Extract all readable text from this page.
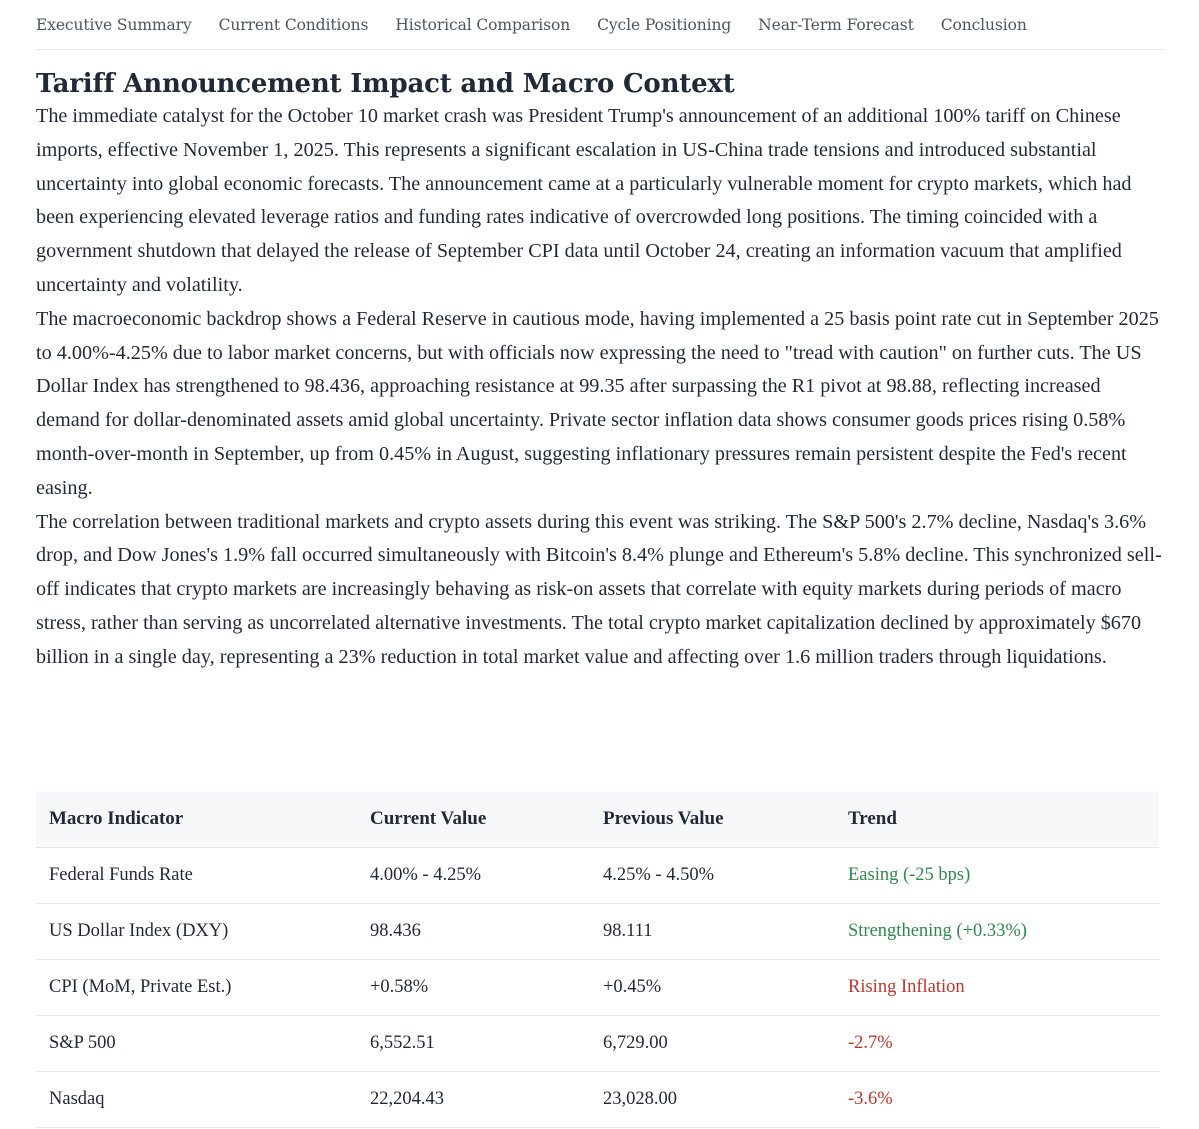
Executive Summary Current Conditions Historical Comparison Cycle Positioning Near-Term Forecast Conclusion
Tariff Announcement Impact and Macro Context

The immediate catalyst for the October 10 market crash was President Trump's announcement of an additional 100% tariff on Chinese imports, effective November 1, 2025. This represents a significant escalation in US-China trade tensions and introduced substantial uncertainty into global economic forecasts. The announcement came at a particularly vulnerable moment for crypto markets, which had been experiencing elevated leverage ratios and funding rates indicative of overcrowded long positions. The timing coincided with a government shutdown that delayed the release of September CPI data until October 24, creating an information vacuum that amplified uncertainty and volatility.

The macroeconomic backdrop shows a Federal Reserve in cautious mode, having implemented a 25 basis point rate cut in September 2025 to 4.00%-4.25% due to labor market concerns, but with officials now expressing the need to "tread with caution" on further cuts. The US Dollar Index has strengthened to 98.436, approaching resistance at 99.35 after surpassing the R1 pivot at 98.88, reflecting increased demand for dollar-denominated assets amid global uncertainty. Private sector inflation data shows consumer goods prices rising 0.58% month-over-month in September, up from 0.45% in August, suggesting inflationary pressures remain persistent despite the Fed's recent easing.

The correlation between traditional markets and crypto assets during this event was striking. The S&P 500's 2.7% decline, Nasdaq's 3.6% drop, and Dow Jones's 1.9% fall occurred simultaneously with Bitcoin's 8.4% plunge and Ethereum's 5.8% decline. This synchronized sell-off indicates that crypto markets are increasingly behaving as risk-on assets that correlate with equity markets during periods of macro stress, rather than serving as uncorrelated alternative investments. The total crypto market capitalization declined by approximately $670 billion in a single day, representing a 23% reduction in total market value and affecting over 1.6 million traders through liquidations.

Macro Indicator	Current Value	Previous Value	Trend
Federal Funds Rate	4.00% - 4.25%	4.25% - 4.50%	Easing (-25 bps)
US Dollar Index (DXY)	98.436	98.111	Strengthening (+0.33%)
CPI (MoM, Private Est.)	+0.58%	+0.45%	Rising Inflation
S&P 500	6,552.51	6,729.00	-2.7%
Nasdaq	22,204.43	23,028.00	-3.6%
